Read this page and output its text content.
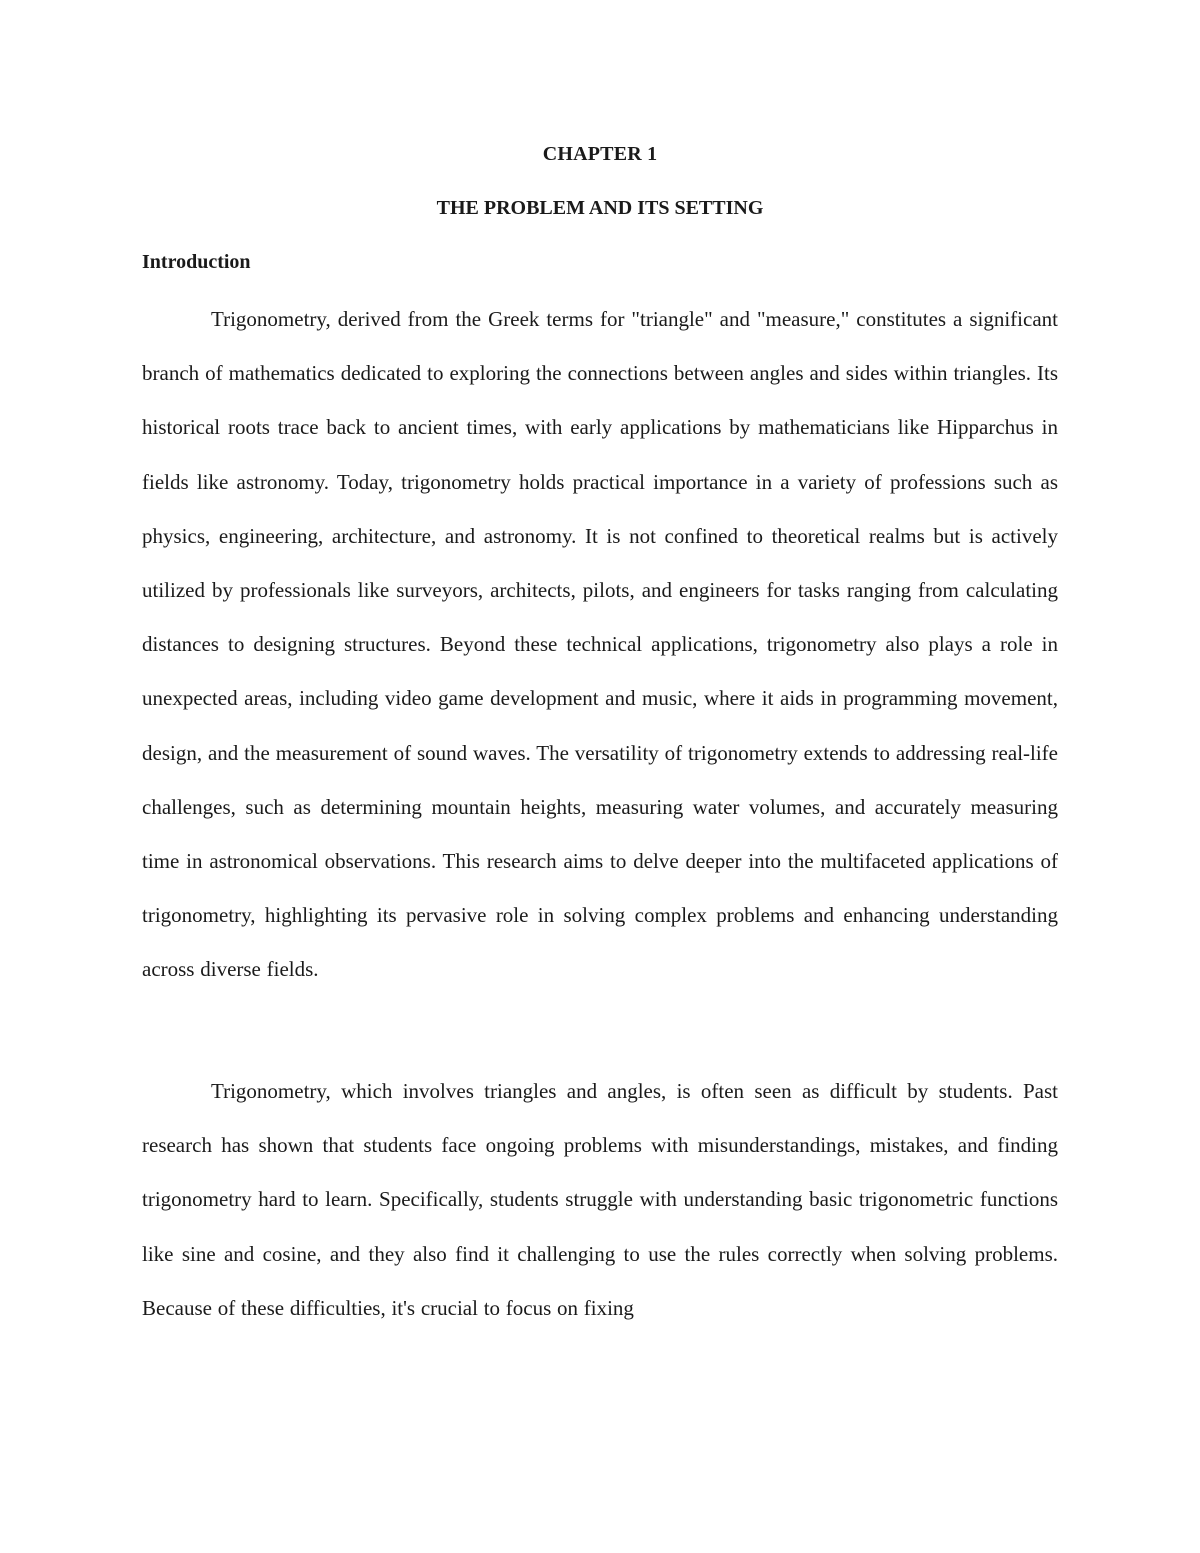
CHAPTER 1
THE PROBLEM AND ITS SETTING
Introduction

Trigonometry, derived from the Greek terms for "triangle" and "measure," constitutes a significant branch of mathematics dedicated to exploring the connections between angles and sides within triangles. Its historical roots trace back to ancient times, with early applications by mathematicians like Hipparchus in fields like astronomy. Today, trigonometry holds practical importance in a variety of professions such as physics, engineering, architecture, and astronomy. It is not confined to theoretical realms but is actively utilized by professionals like surveyors, architects, pilots, and engineers for tasks ranging from calculating distances to designing structures. Beyond these technical applications, trigonometry also plays a role in unexpected areas, including video game development and music, where it aids in programming movement, design, and the measurement of sound waves. The versatility of trigonometry extends to addressing real-life challenges, such as determining mountain heights, measuring water volumes, and accurately measuring time in astronomical observations. This research aims to delve deeper into the multifaceted applications of trigonometry, highlighting its pervasive role in solving complex problems and enhancing understanding across diverse fields.

Trigonometry, which involves triangles and angles, is often seen as difficult by students. Past research has shown that students face ongoing problems with misunderstandings, mistakes, and finding trigonometry hard to learn. Specifically, students struggle with understanding basic trigonometric functions like sine and cosine, and they also find it challenging to use the rules correctly when solving problems. Because of these difficulties, it's crucial to focus on fixing
